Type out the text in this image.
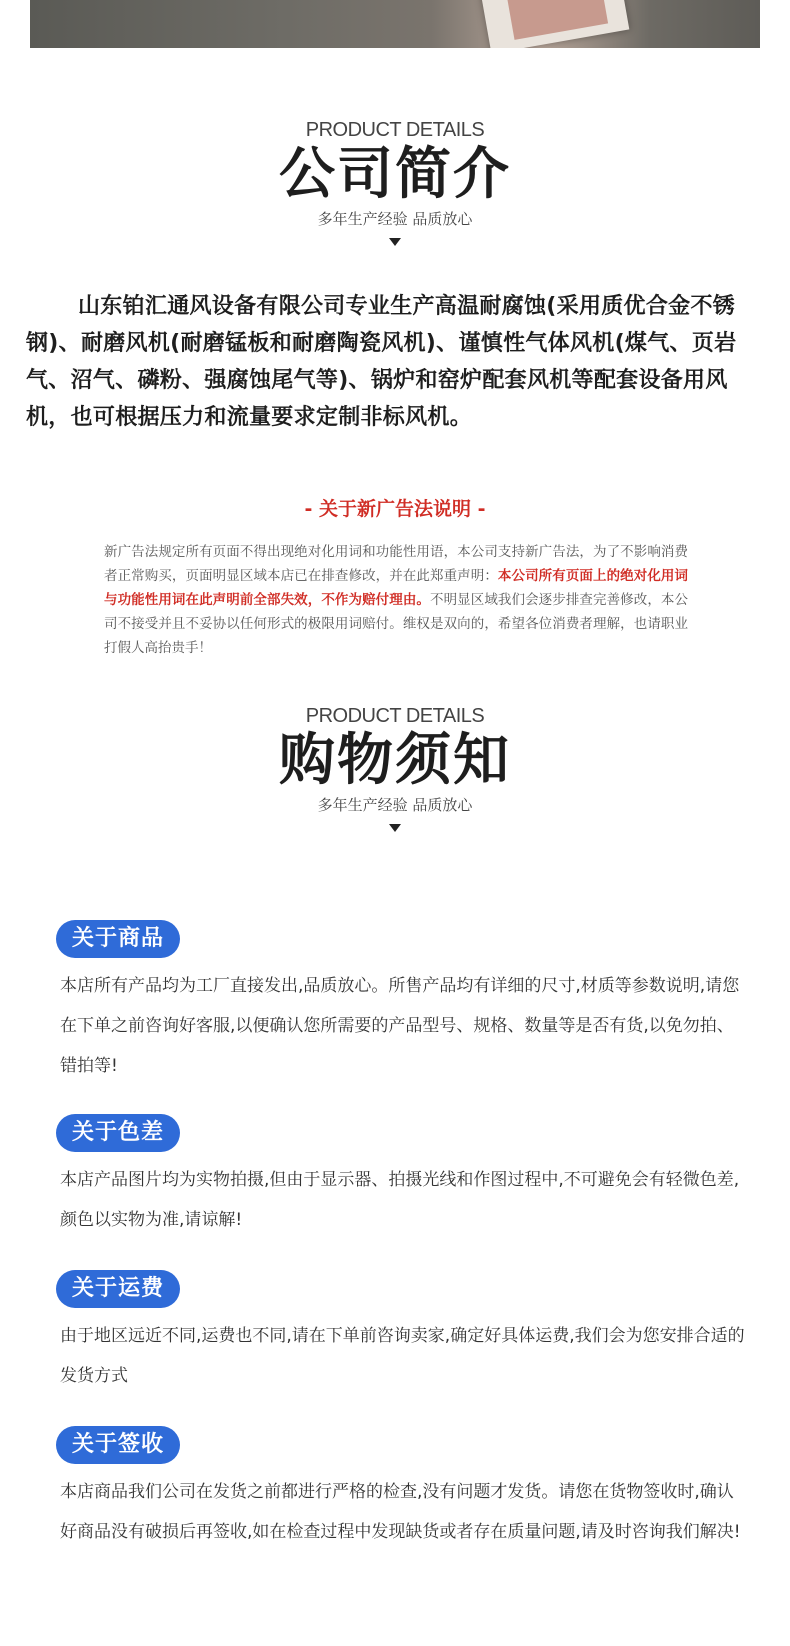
PRODUCT DETAILS
公司简介
多年生产经验 品质放心
山东铂汇通风设备有限公司专业生产高温耐腐蚀(采用质优合金不锈钢)、耐磨风机(耐磨锰板和耐磨陶瓷风机)、谨慎性气体风机(煤气、页岩气、沼气、磷粉、强腐蚀尾气等)、锅炉和窑炉配套风机等配套设备用风机，也可根据压力和流量要求定制非标风机。
- 关于新广告法说明 -
新广告法规定所有页面不得出现绝对化用词和功能性用语，本公司支持新广告法，为了不影响消费者正常购买，页面明显区域本店已在排查修改，并在此郑重声明：本公司所有页面上的绝对化用词与功能性用词在此声明前全部失效，不作为赔付理由。不明显区域我们会逐步排查完善修改，本公司不接受并且不妥协以任何形式的极限用词赔付。维权是双向的，希望各位消费者理解，也请职业打假人高抬贵手！
PRODUCT DETAILS
购物须知
多年生产经验 品质放心
关于商品
本店所有产品均为工厂直接发出,品质放心。所售产品均有详细的尺寸,材质等参数说明,请您在下单之前咨询好客服,以便确认您所需要的产品型号、规格、数量等是否有货,以免勿拍、错拍等!
关于色差
本店产品图片均为实物拍摄,但由于显示器、拍摄光线和作图过程中,不可避免会有轻微色差,颜色以实物为准,请谅解!
关于运费
由于地区远近不同,运费也不同,请在下单前咨询卖家,确定好具体运费,我们会为您安排合适的发货方式
关于签收
本店商品我们公司在发货之前都进行严格的检查,没有问题才发货。请您在货物签收时,确认好商品没有破损后再签收,如在检查过程中发现缺货或者存在质量问题,请及时咨询我们解决!
